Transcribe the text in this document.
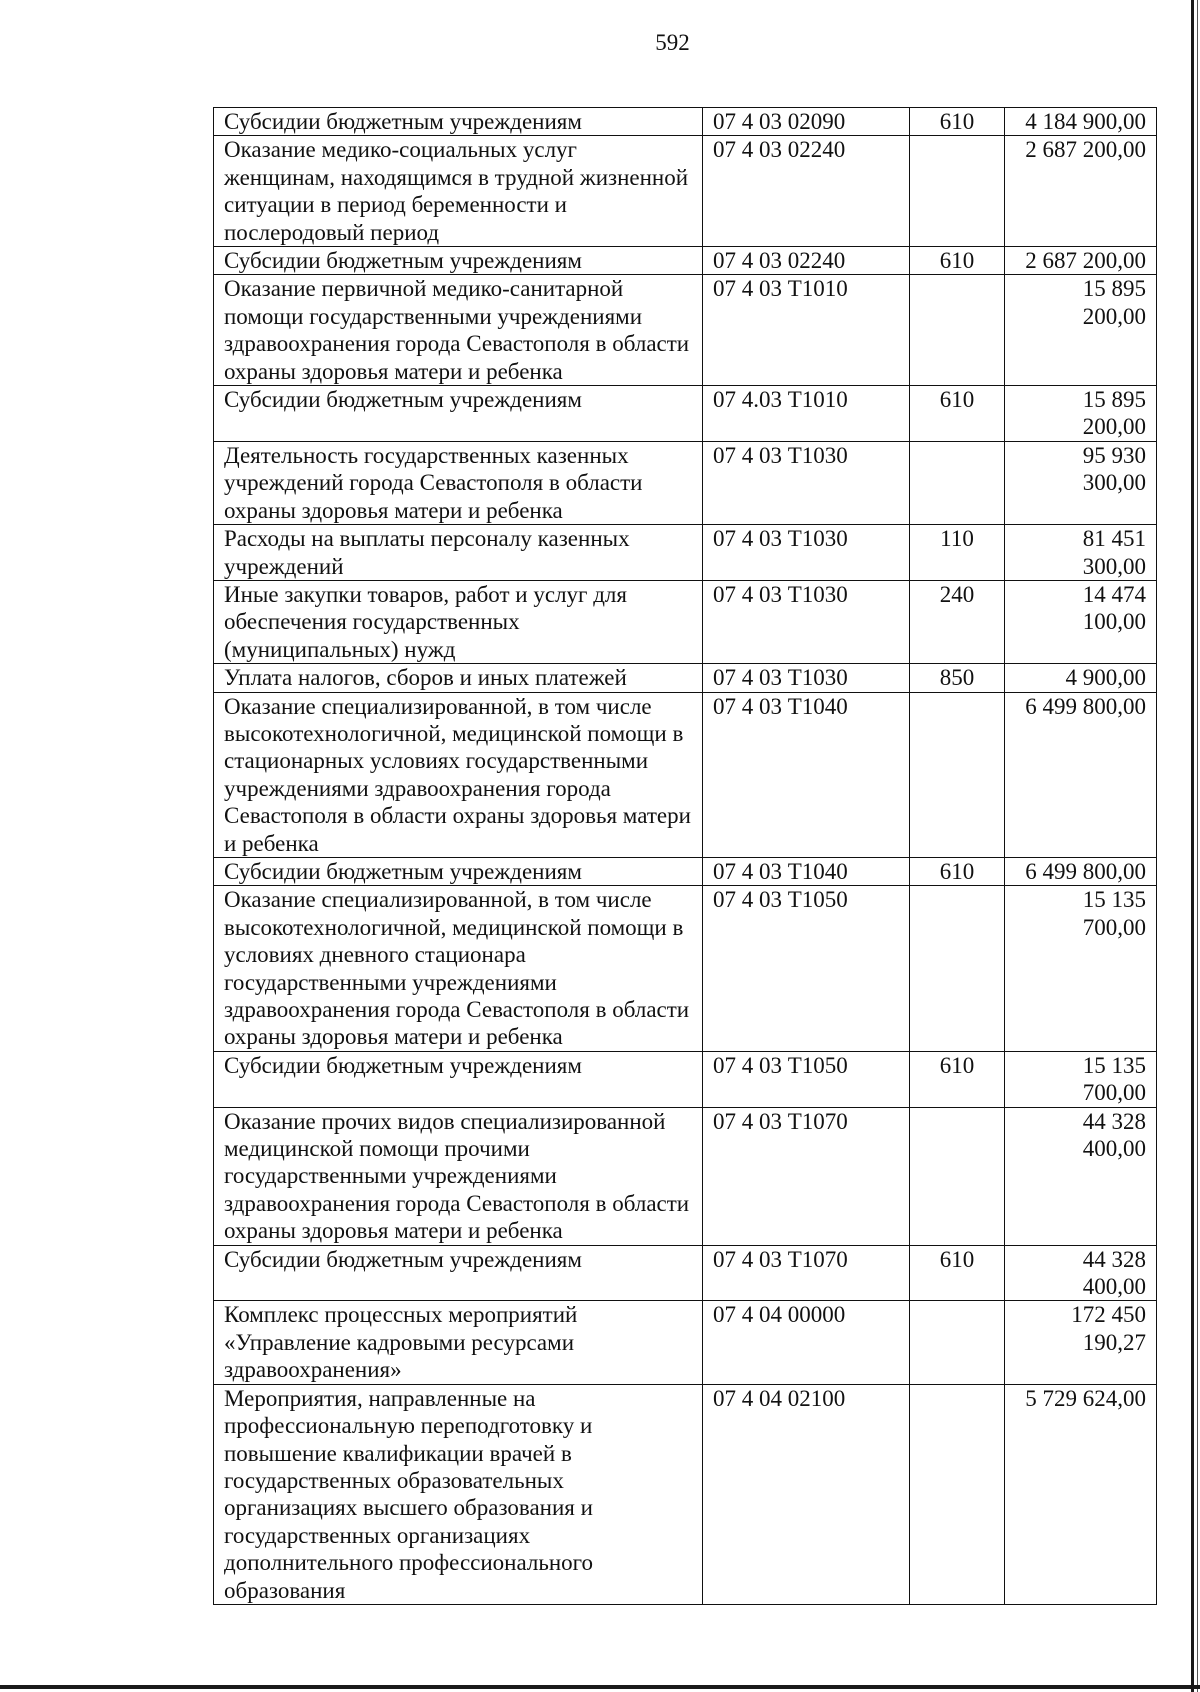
592
Субсидии бюджетным учреждениям	07 4 03 02090	610	4 184 900,00
Оказание медико-социальных услуг женщинам, находящимся в трудной жизненной ситуации в период беременности и послеродовый период	07 4 03 02240		2 687 200,00
Субсидии бюджетным учреждениям	07 4 03 02240	610	2 687 200,00
Оказание первичной медико-санитарной помощи государственными учреждениями здравоохранения города Севастополя в области охраны здоровья матери и ребенка	07 4 03 Т1010		15 895 200,00
Субсидии бюджетным учреждениям	07 4.03 Т1010	610	15 895 200,00
Деятельность государственных казенных учреждений города Севастополя в области охраны здоровья матери и ребенка	07 4 03 Т1030		95 930 300,00
Расходы на выплаты персоналу казенных учреждений	07 4 03 Т1030	110	81 451 300,00
Иные закупки товаров, работ и услуг для обеспечения государственных (муниципальных) нужд	07 4 03 Т1030	240	14 474 100,00
Уплата налогов, сборов и иных платежей	07 4 03 Т1030	850	4 900,00
Оказание специализированной, в том числе высокотехнологичной, медицинской помощи в стационарных условиях государственными учреждениями здравоохранения города Севастополя в области охраны здоровья матери и ребенка	07 4 03 Т1040		6 499 800,00
Субсидии бюджетным учреждениям	07 4 03 Т1040	610	6 499 800,00
Оказание специализированной, в том числе высокотехнологичной, медицинской помощи в условиях дневного стационара государственными учреждениями здравоохранения города Севастополя в области охраны здоровья матери и ребенка	07 4 03 Т1050		15 135 700,00
Субсидии бюджетным учреждениям	07 4 03 Т1050	610	15 135 700,00
Оказание прочих видов специализированной медицинской помощи прочими государственными учреждениями здравоохранения города Севастополя в области охраны здоровья матери и ребенка	07 4 03 Т1070		44 328 400,00
Субсидии бюджетным учреждениям	07 4 03 Т1070	610	44 328 400,00
Комплекс процессных мероприятий «Управление кадровыми ресурсами здравоохранения»	07 4 04 00000		172 450 190,27
Мероприятия, направленные на профессиональную переподготовку и повышение квалификации врачей в государственных образовательных организациях высшего образования и государственных организациях дополнительного профессионального образования	07 4 04 02100		5 729 624,00
